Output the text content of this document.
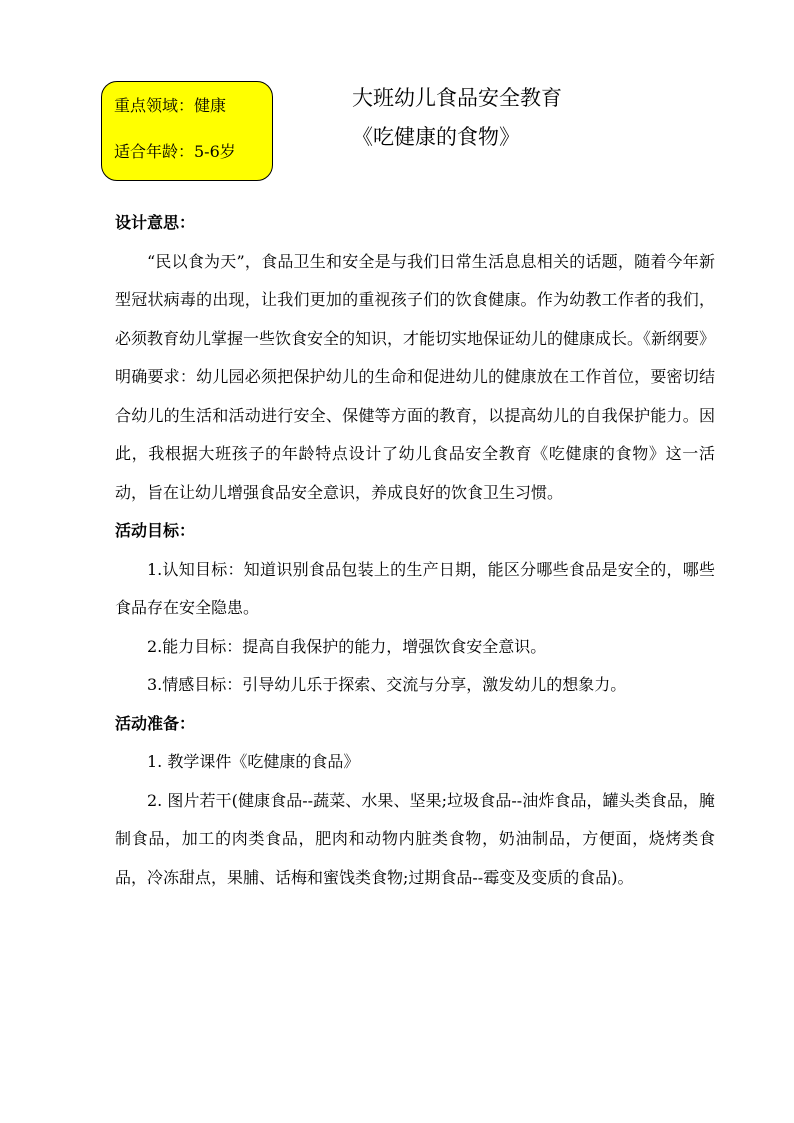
重点领域：健康
适合年龄：5-6岁
大班幼儿食品安全教育
《吃健康的食物》
设计意思：
“民以食为天”，食品卫生和安全是与我们日常生活息息相关的话题，随着今年新型冠状病毒的出现，让我们更加的重视孩子们的饮食健康。作为幼教工作者的我们，必须教育幼儿掌握一些饮食安全的知识，才能切实地保证幼儿的健康成长。《新纲要》明确要求：幼儿园必须把保护幼儿的生命和促进幼儿的健康放在工作首位，要密切结合幼儿的生活和活动进行安全、保健等方面的教育，以提高幼儿的自我保护能力。因此，我根据大班孩子的年龄特点设计了幼儿食品安全教育《吃健康的食物》这一活动，旨在让幼儿增强食品安全意识，养成良好的饮食卫生习惯。
活动目标：
1.认知目标：知道识别食品包装上的生产日期，能区分哪些食品是安全的，哪些食品存在安全隐患。
2.能力目标：提高自我保护的能力，增强饮食安全意识。
3.情感目标：引导幼儿乐于探索、交流与分享，激发幼儿的想象力。
活动准备：
1. 教学课件《吃健康的食品》
2. 图片若干(健康食品--蔬菜、水果、坚果;垃圾食品--油炸食品，罐头类食品，腌制食品，加工的肉类食品，肥肉和动物内脏类食物，奶油制品，方便面，烧烤类食品，冷冻甜点，果脯、话梅和蜜饯类食物;过期食品--霉变及变质的食品)。
